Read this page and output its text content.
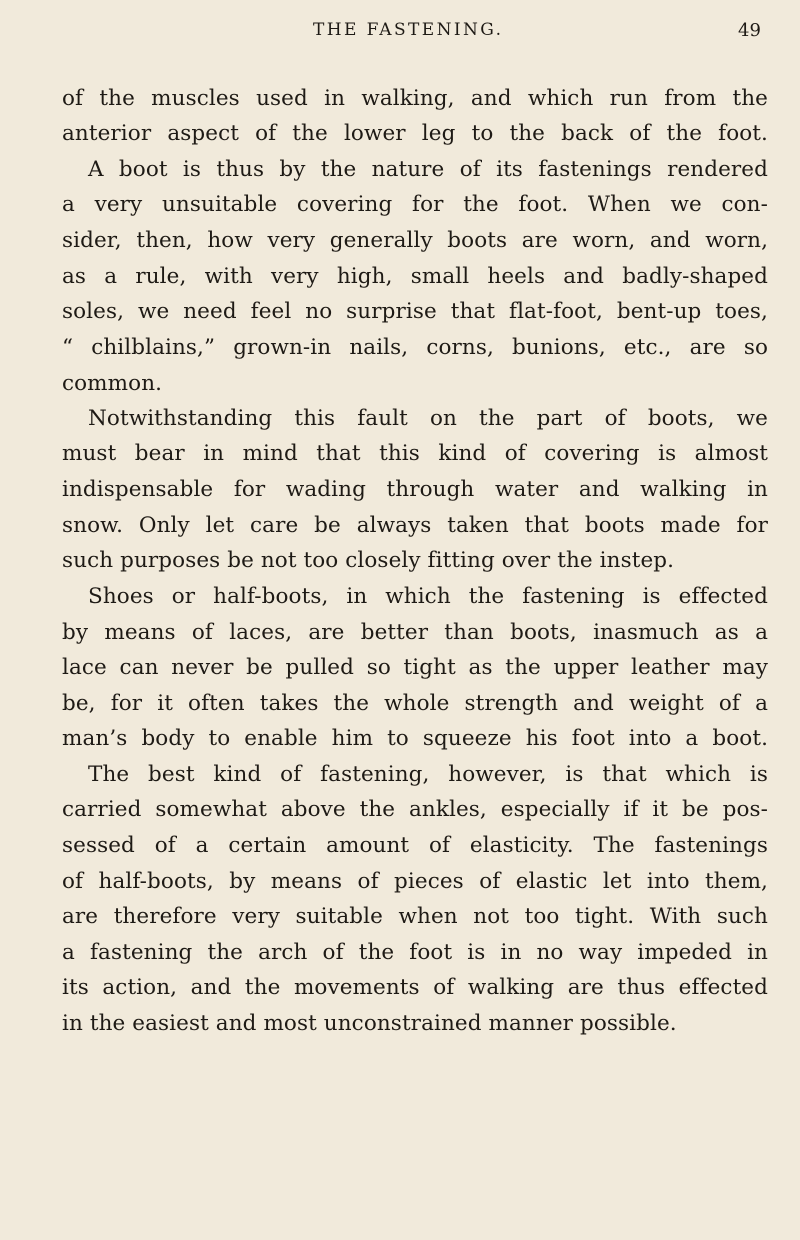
THE FASTENING.	49
of the muscles used in walking, and which run from the
anterior aspect of the lower leg to the back of the foot.
A boot is thus by the nature of its fastenings rendered
a very unsuitable covering for the foot. When we con-
sider, then, how very generally boots are worn, and worn,
as a rule, with very high, small heels and badly-shaped
soles, we need feel no surprise that flat-foot, bent-up toes,
“ chilblains,” grown-in nails, corns, bunions, etc., are so
common.
Notwithstanding this fault on the part of boots, we
must bear in mind that this kind of covering is almost
indispensable for wading through water and walking in
snow. Only let care be always taken that boots made for
such purposes be not too closely fitting over the instep.
Shoes or half-boots, in which the fastening is effected
by means of laces, are better than boots, inasmuch as a
lace can never be pulled so tight as the upper leather may
be, for it often takes the whole strength and weight of a
man’s body to enable him to squeeze his foot into a boot.
The best kind of fastening, however, is that which is
carried somewhat above the ankles, especially if it be pos-
sessed of a certain amount of elasticity. The fastenings
of half-boots, by means of pieces of elastic let into them,
are therefore very suitable when not too tight. With such
a fastening the arch of the foot is in no way impeded in
its action, and the movements of walking are thus effected
in the easiest and most unconstrained manner possible.
